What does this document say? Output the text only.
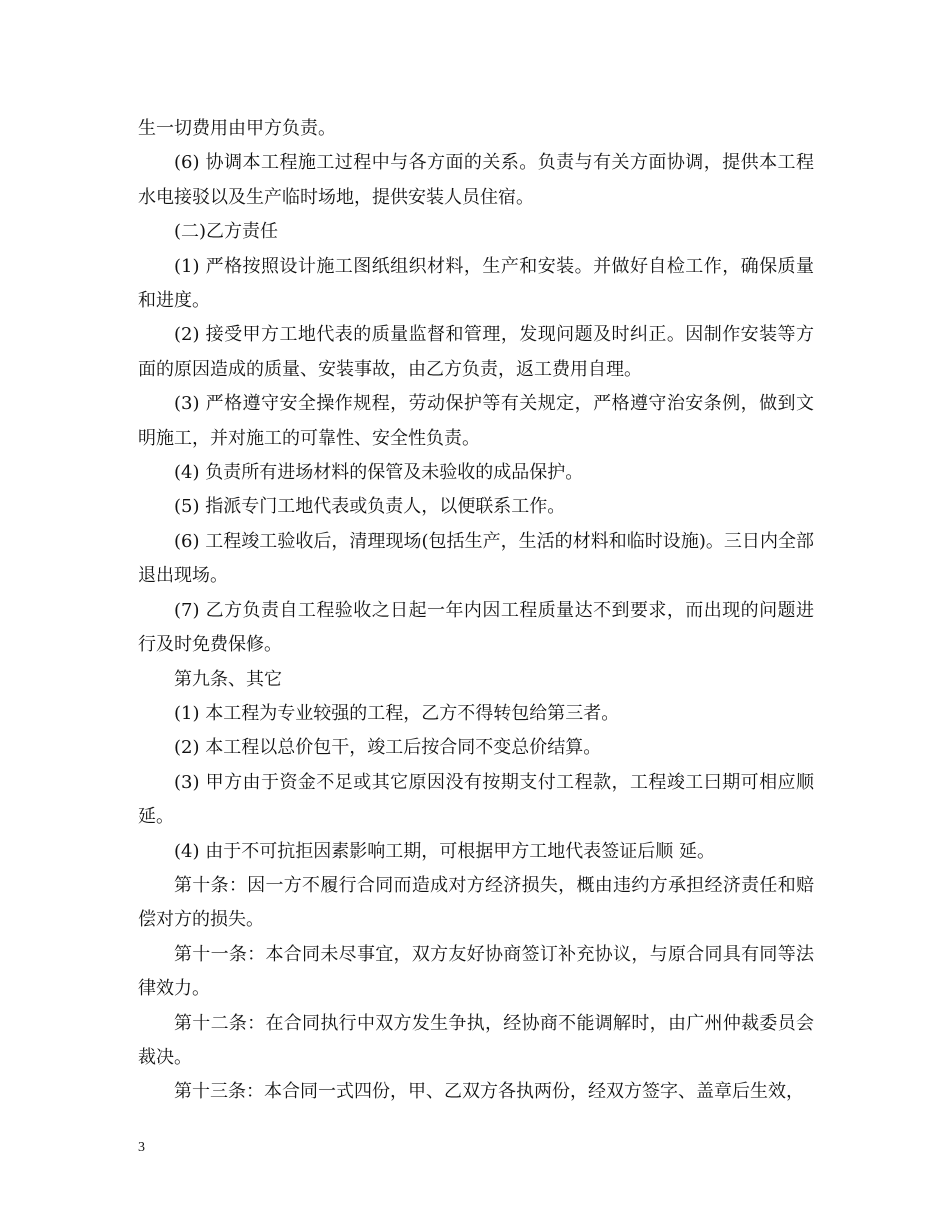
生一切费用由甲方负责。

(6) 协调本工程施工过程中与各方面的关系。负责与有关方面协调，提供本工程水电接驳以及生产临时场地，提供安装人员住宿。

(二)乙方责任

(1) 严格按照设计施工图纸组织材料，生产和安装。并做好自检工作，确保质量和进度。

(2) 接受甲方工地代表的质量监督和管理，发现问题及时纠正。因制作安装等方面的原因造成的质量、安装事故，由乙方负责，返工费用自理。

(3) 严格遵守安全操作规程，劳动保护等有关规定，严格遵守治安条例，做到文明施工，并对施工的可靠性、安全性负责。

(4) 负责所有进场材料的保管及未验收的成品保护。

(5) 指派专门工地代表或负责人，以便联系工作。

(6) 工程竣工验收后，清理现场(包括生产，生活的材料和临时设施)。三日内全部退出现场。

(7) 乙方负责自工程验收之日起一年内因工程质量达不到要求，而出现的问题进行及时免费保修。

第九条、其它

(1) 本工程为专业较强的工程，乙方不得转包给第三者。

(2) 本工程以总价包干，竣工后按合同不变总价结算。

(3) 甲方由于资金不足或其它原因没有按期支付工程款，工程竣工曰期可相应顺延。

(4) 由于不可抗拒因素影响工期，可根据甲方工地代表签证后顺 延。

第十条：因一方不履行合同而造成对方经济损失，概由违约方承担经济责任和赔偿对方的损失。

第十一条：本合同未尽事宜，双方友好协商签订补充协议，与原合同具有同等法律效力。

第十二条：在合同执行中双方发生争执，经协商不能调解时，由广州仲裁委员会裁决。

第十三条：本合同一式四份，甲、乙双方各执两份，经双方签字、盖章后生效，

3
